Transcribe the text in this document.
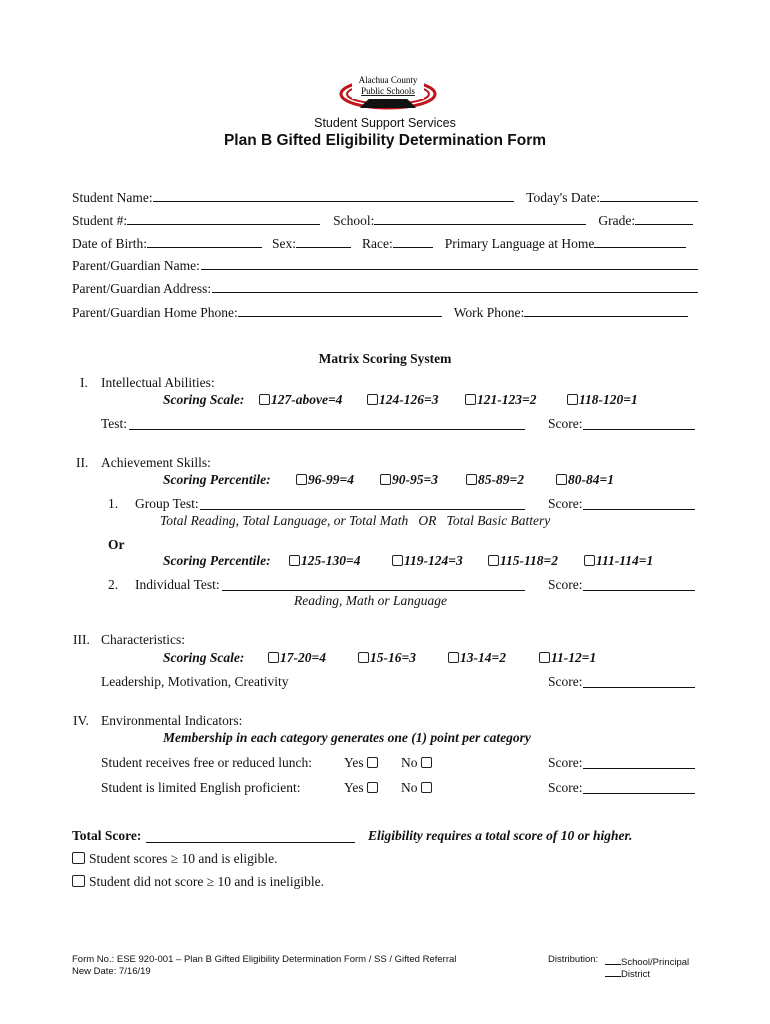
Alachua County
Public Schools
Student Support Services
Plan B Gifted Eligibility Determination Form
Student Name:	Today's Date:
Student #:	School:	Grade:
Date of Birth:	Sex:	Race:	Primary Language at Home
Parent/Guardian Name:
Parent/Guardian Address:
Parent/Guardian Home Phone:	Work Phone:
Matrix Scoring System
I. Intellectual Abilities:
Scoring Scale:	127-above=4	124-126=3	121-123=2	118-120=1
Test:	Score:
II. Achievement Skills:
Scoring Percentile:	96-99=4	90-95=3	85-89=2	80-84=1
1. Group Test:	Score:
Total Reading, Total Language, or Total Math   OR   Total Basic Battery
Or
Scoring Percentile:	125-130=4	119-124=3	115-118=2	111-114=1
2. Individual Test:	Score:
Reading, Math or Language
III. Characteristics:
Scoring Scale:	17-20=4	15-16=3	13-14=2	11-12=1
Leadership, Motivation, Creativity	Score:
IV. Environmental Indicators:
Membership in each category generates one (1) point per category
Student receives free or reduced lunch: Yes	No	Score:
Student is limited English proficient:	Yes	No	Score:
Total Score:	Eligibility requires a total score of 10 or higher.
Student scores ≥ 10 and is eligible.
Student did not score ≥ 10 and is ineligible.
Form No.: ESE 920-001 – Plan B Gifted Eligibility Determination Form / SS / Gifted Referral
New Date: 7/16/19
Distribution:	School/Principal
District
